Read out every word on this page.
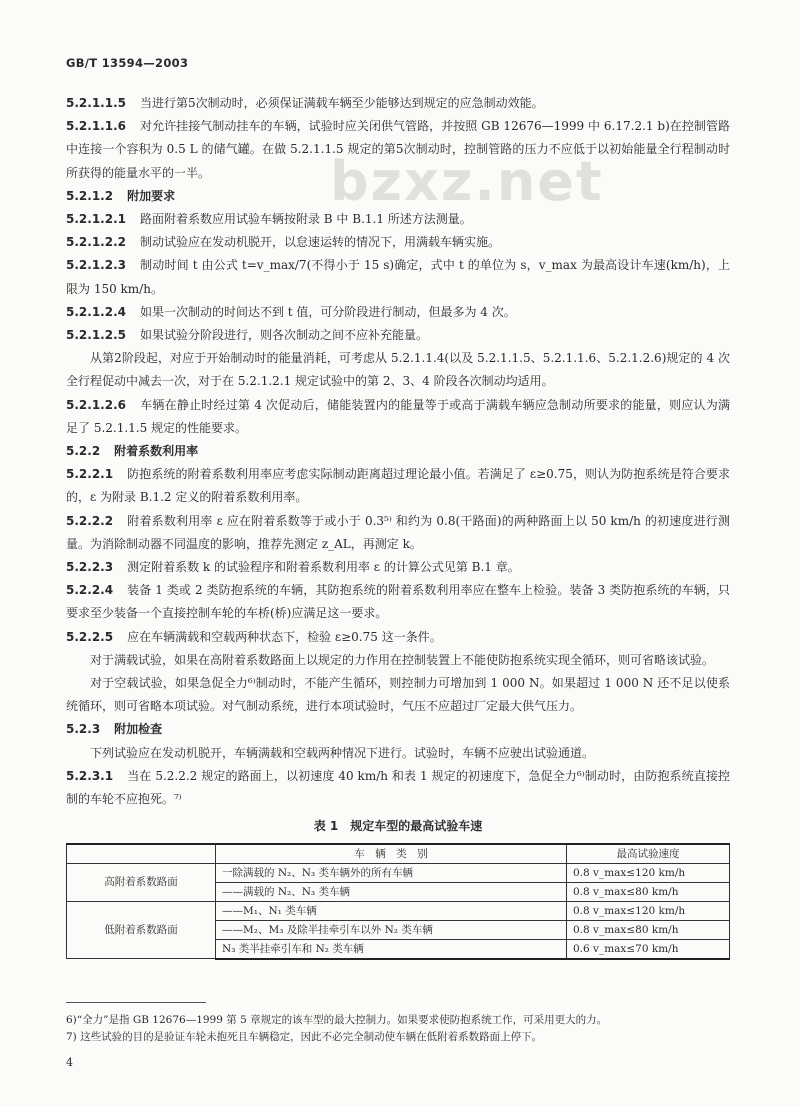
GB/T 13594—2003
bzxz.net

5.2.1.1.5 当进行第5次制动时，必须保证满载车辆至少能够达到规定的应急制动效能。

5.2.1.1.6 对允许挂接气制动挂车的车辆，试验时应关闭供气管路，并按照 GB 12676—1999 中 6.17.2.1 b)在控制管路中连接一个容积为 0.5 L 的储气罐。在做 5.2.1.1.5 规定的第5次制动时，控制管路的压力不应低于以初始能量全行程制动时所获得的能量水平的一半。

5.2.1.2 附加要求

5.2.1.2.1 路面附着系数应用试验车辆按附录 B 中 B.1.1 所述方法测量。

5.2.1.2.2 制动试验应在发动机脱开，以怠速运转的情况下，用满载车辆实施。

5.2.1.2.3 制动时间 t 由公式 t=v_max/7(不得小于 15 s)确定，式中 t 的单位为 s，v_max 为最高设计车速(km/h)，上限为 150 km/h。

5.2.1.2.4 如果一次制动的时间达不到 t 值，可分阶段进行制动，但最多为 4 次。

5.2.1.2.5 如果试验分阶段进行，则各次制动之间不应补充能量。

从第2阶段起，对应于开始制动时的能量消耗，可考虑从 5.2.1.1.4(以及 5.2.1.1.5、5.2.1.1.6、5.2.1.2.6)规定的 4 次全行程促动中减去一次，对于在 5.2.1.2.1 规定试验中的第 2、3、4 阶段各次制动均适用。

5.2.1.2.6 车辆在静止时经过第 4 次促动后，储能装置内的能量等于或高于满载车辆应急制动所要求的能量，则应认为满足了 5.2.1.1.5 规定的性能要求。

5.2.2 附着系数利用率

5.2.2.1 防抱系统的附着系数利用率应考虑实际制动距离超过理论最小值。若满足了 ε≥0.75，则认为防抱系统是符合要求的，ε 为附录 B.1.2 定义的附着系数利用率。

5.2.2.2 附着系数利用率 ε 应在附着系数等于或小于 0.3⁵⁾ 和约为 0.8(干路面)的两种路面上以 50 km/h 的初速度进行测量。为消除制动器不同温度的影响，推荐先测定 z_AL，再测定 k。

5.2.2.3 测定附着系数 k 的试验程序和附着系数利用率 ε 的计算公式见第 B.1 章。

5.2.2.4 装备 1 类或 2 类防抱系统的车辆，其防抱系统的附着系数利用率应在整车上检验。装备 3 类防抱系统的车辆，只要求至少装备一个直接控制车轮的车桥(桥)应满足这一要求。

5.2.2.5 应在车辆满载和空载两种状态下，检验 ε≥0.75 这一条件。

对于满载试验，如果在高附着系数路面上以规定的力作用在控制装置上不能使防抱系统实现全循环，则可省略该试验。

对于空载试验，如果急促全力⁶⁾制动时，不能产生循环，则控制力可增加到 1 000 N。如果超过 1 000 N 还不足以使系统循环，则可省略本项试验。对气制动系统，进行本项试验时，气压不应超过厂定最大供气压力。

5.2.3 附加检查

下列试验应在发动机脱开，车辆满载和空载两种情况下进行。试验时，车辆不应驶出试验通道。

5.2.3.1 当在 5.2.2.2 规定的路面上，以初速度 40 km/h 和表 1 规定的初速度下，急促全力⁶⁾制动时，由防抱系统直接控制的车轮不应抱死。⁷⁾

表 1　规定车型的最高试验车速
	车　辆　类　别	最高试验速度
高附着系数路面	一除满载的 N₂、N₃ 类车辆外的所有车辆	0.8 v_max≤120 km/h
	——满载的 N₂、N₃ 类车辆	0.8 v_max≤80 km/h
低附着系数路面	——M₁、N₁ 类车辆	0.8 v_max≤120 km/h
	——M₂、M₃ 及除半挂牵引车以外 N₂ 类车辆	0.8 v_max≤80 km/h
	N₃ 类半挂牵引车和 N₂ 类车辆	0.6 v_max≤70 km/h
6)“全力”是指 GB 12676—1999 第 5 章规定的该车型的最大控制力。如果要求使防抱系统工作，可采用更大的力。
7) 这些试验的目的是验证车轮未抱死且车辆稳定，因此不必完全制动使车辆在低附着系数路面上停下。
4
